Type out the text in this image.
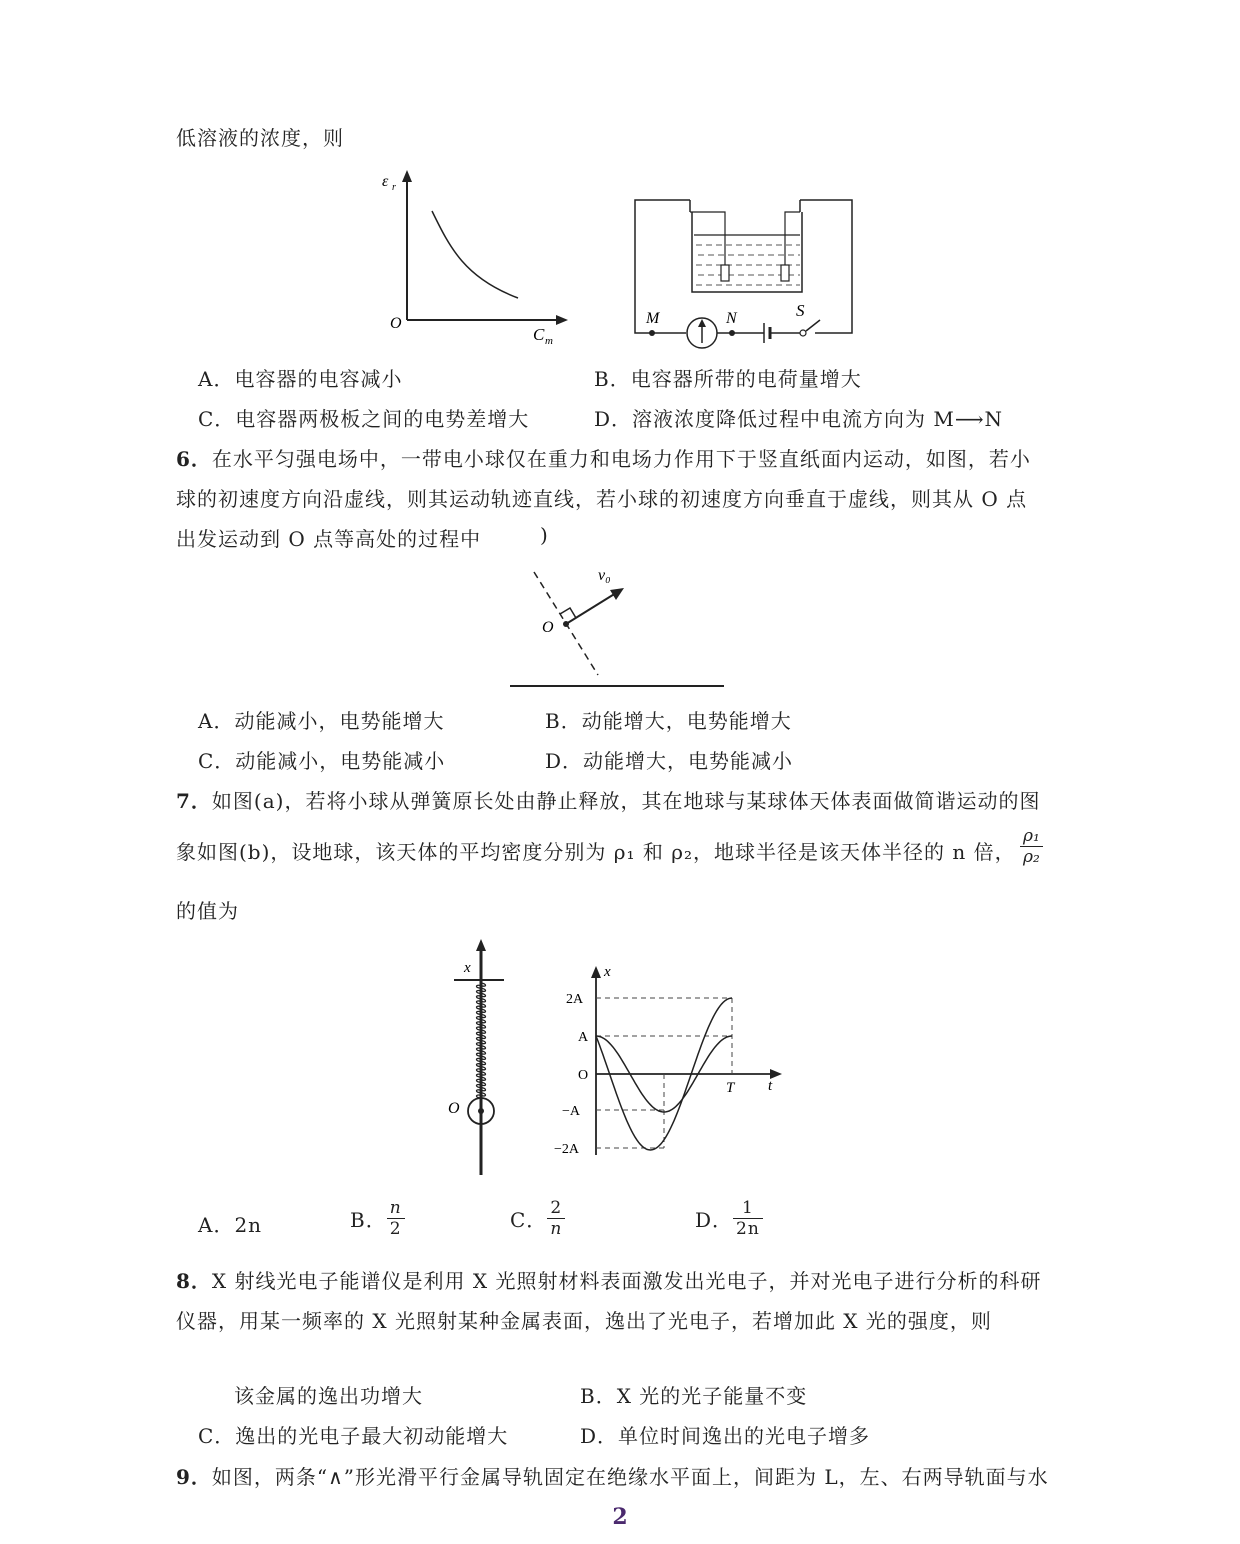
低溶液的浓度，则
ε r
O
C m
M	N	S
A．电容器的电容减小	B．电容器所带的电荷量增大
C．电容器两极板之间的电势差增大	D．溶液浓度降低过程中电流方向为 M⟶N
6．在水平匀强电场中，一带电小球仅在重力和电场力作用下于竖直纸面内运动，如图，若小
球的初速度方向沿虚线，则其运动轨迹直线，若小球的初速度方向垂直于虚线，则其从 O 点
出发运动到 O 点等高处的过程中	)
v₀
O
A．动能减小，电势能增大	B．动能增大，电势能增大
C．动能减小，电势能减小	D．动能增大，电势能减小
7．如图(a)，若将小球从弹簧原长处由静止释放，其在地球与某球体天体表面做简谐运动的图
象如图(b)，设地球，该天体的平均密度分别为 ρ₁ 和 ρ₂，地球半径是该天体半径的 n 倍， $\frac{\text{ρ₁}}{\text{ρ₂}}$
的值为
x
O
x
t
T
2A
A
O
−A
−2A
A．2n	B． $\frac{n}{2}$	C． $\frac{2}{n}$	D． $\frac{1}{2n}$
8．X 射线光电子能谱仪是利用 X 光照射材料表面激发出光电子，并对光电子进行分析的科研
仪器，用某一频率的 X 光照射某种金属表面，逸出了光电子，若增加此 X 光的强度，则
该金属的逸出功增大	B．X 光的光子能量不变
C．逸出的光电子最大初动能增大	D．单位时间逸出的光电子增多
9．如图，两条“∧”形光滑平行金属导轨固定在绝缘水平面上，间距为 L，左、右两导轨面与水
2
